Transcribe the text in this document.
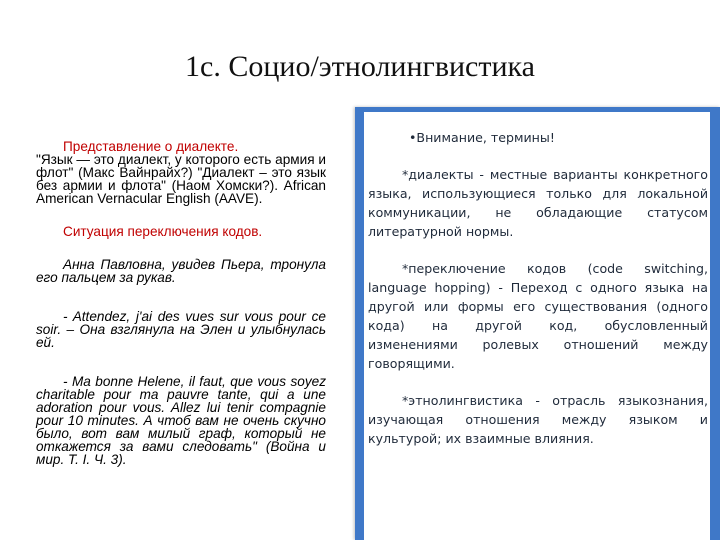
1с. Социо/этнолингвистика

Представление о диалекте.

"Язык — это диалект, у которого есть армия и флот" (Макс Вайнрайх?) "Диалект – это язык без армии и флота" (Наом Хомски?). African American Vernacular English (AAVE).

Ситуация переключения кодов.

Анна Павловна, увидев Пьера, тронула его пальцем за рукав.

- Attendez, j'ai des vues sur vous pour ce soir. – Она взглянула на Элен и улыбнулась ей.

- Ma bonne Helene, il faut, que vous soyez charitable pour ma pauvre tante, qui a une adoration pour vous. Allez lui tenir compagnie pour 10 minutes. А чтоб вам не очень скучно было, вот вам милый граф, который не откажется за вами следовать" (Война и мир. Т. I. Ч. 3).

•Внимание, термины!

*диалекты - местные варианты конкретного языка, использующиеся только для локальной коммуникации, не обладающие статусом литературной нормы.

*переключение кодов (code switching, language hopping) - Переход с одного языка на другой или формы его существования (одного кода) на другой код, обусловленный изменениями ролевых отношений между говорящими.

*этнолингвистика - отрасль языкознания, изучающая отношения между языком и культурой; их взаимные влияния.
